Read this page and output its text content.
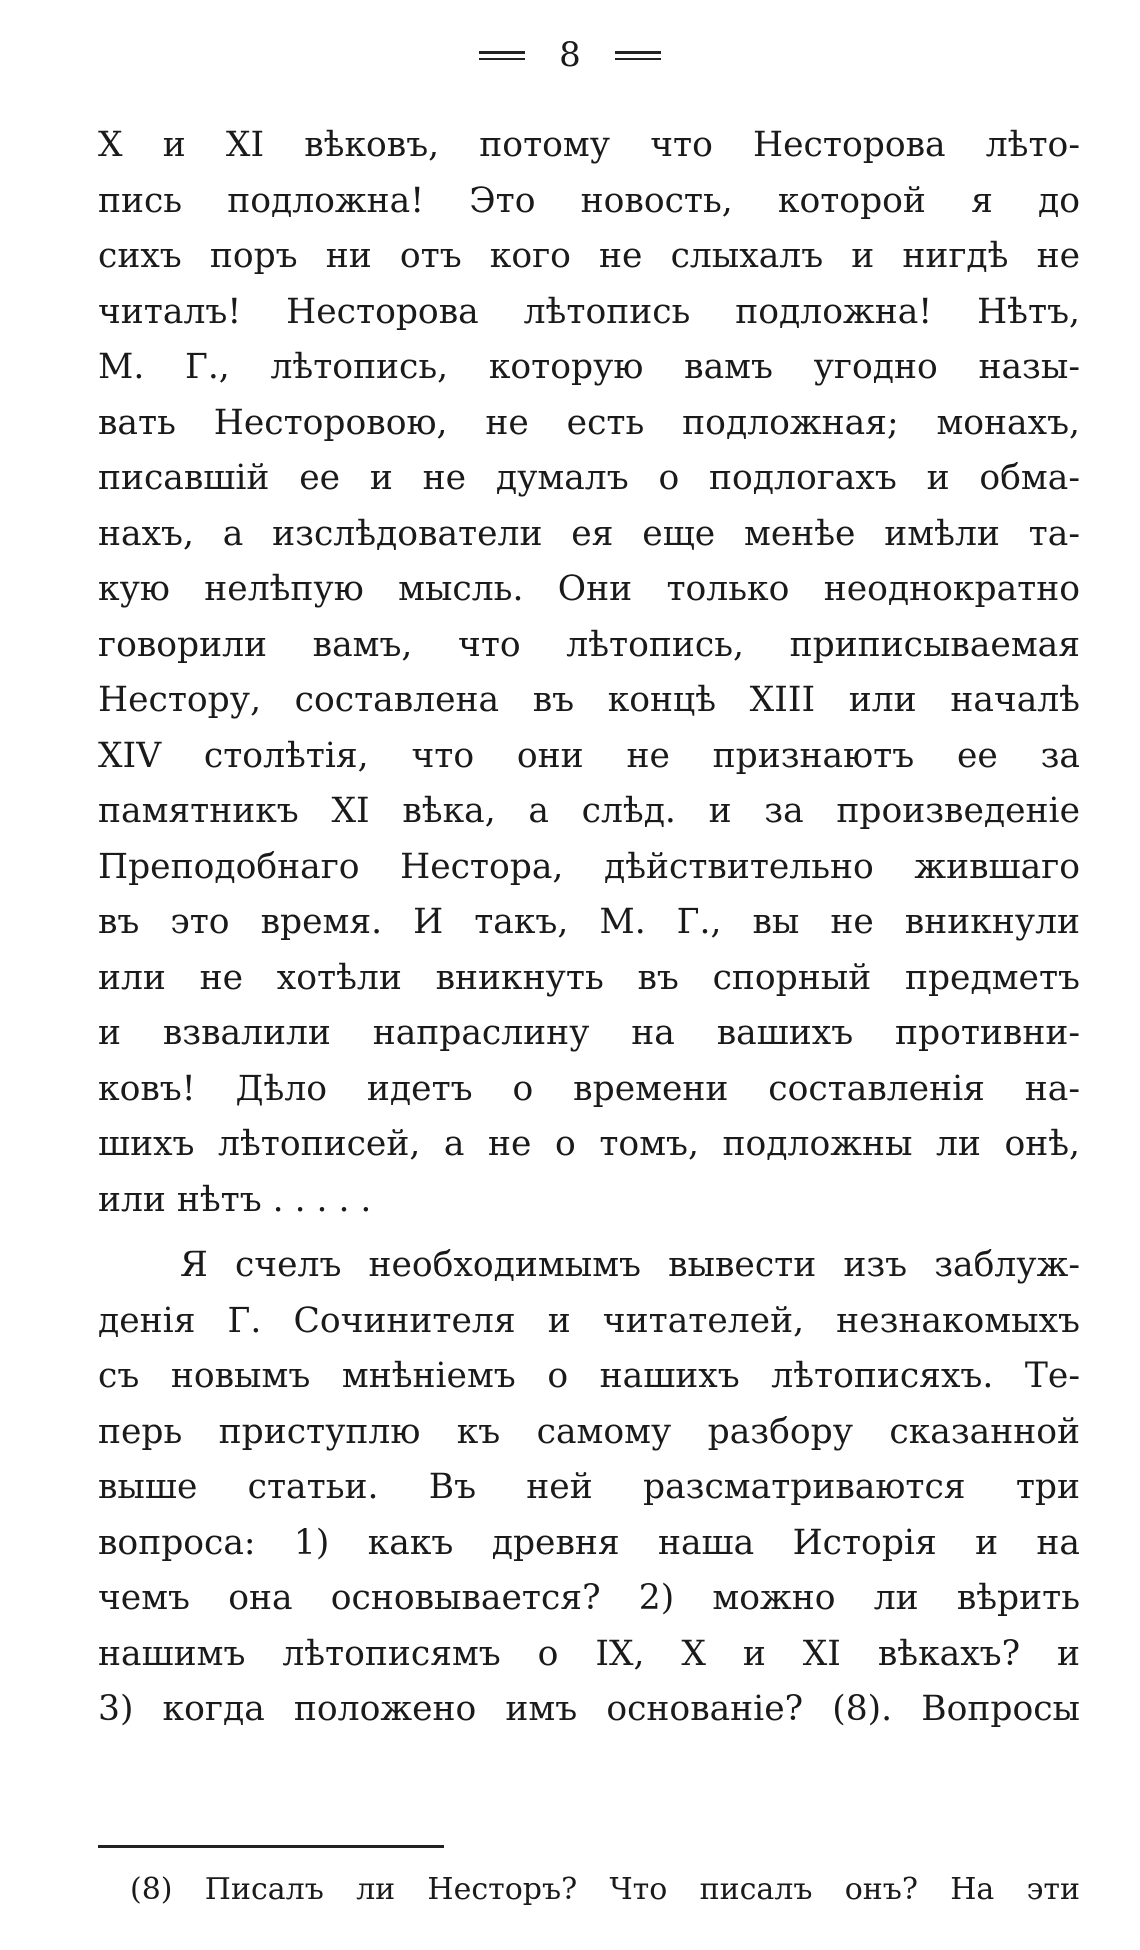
8
X и XI вѣковъ, потому что Несторова лѣто-
пись подложна! Это новость, которой я до
сихъ поръ ни отъ кого не слыхалъ и нигдѣ не
читалъ! Несторова лѣтопись подложна! Нѣтъ,
М. Г., лѣтопись, которую вамъ угодно назы-
вать Несторовою, не есть подложная; монахъ,
писавшій ее и не думалъ о подлогахъ и обма-
нахъ, а изслѣдователи ея еще менѣе имѣли та-
кую нелѣпую мысль. Они только неоднократно
говорили вамъ, что лѣтопись, приписываемая
Нестору, составлена въ концѣ XIII или началѣ
XIV столѣтія, что они не признаютъ ее за
памятникъ XI вѣка, а слѣд. и за произведеніе
Преподобнаго Нестора, дѣйствительно жившаго
въ это время. И такъ, М. Г., вы не вникнули
или не хотѣли вникнуть въ спорный предметъ
и взвалили напраслину на вашихъ противни-
ковъ! Дѣло идетъ о времени составленія на-
шихъ лѣтописей, а не о томъ, подложны ли онѣ,
или нѣтъ . . . . .
Я счелъ необходимымъ вывести изъ заблуж-
денія Г. Сочинителя и читателей, незнакомыхъ
съ новымъ мнѣніемъ о нашихъ лѣтописяхъ. Те-
перь приступлю къ самому разбору сказанной
выше статьи. Въ ней разсматриваются три
вопроса: 1) какъ древня наша Исторія и на
чемъ она основывается? 2) можно ли вѣрить
нашимъ лѣтописямъ о IX, X и XI вѣкахъ? и
3) когда положено имъ основаніе? (8). Вопросы
(8) Писалъ ли Несторъ? Что писалъ онъ? На эти
